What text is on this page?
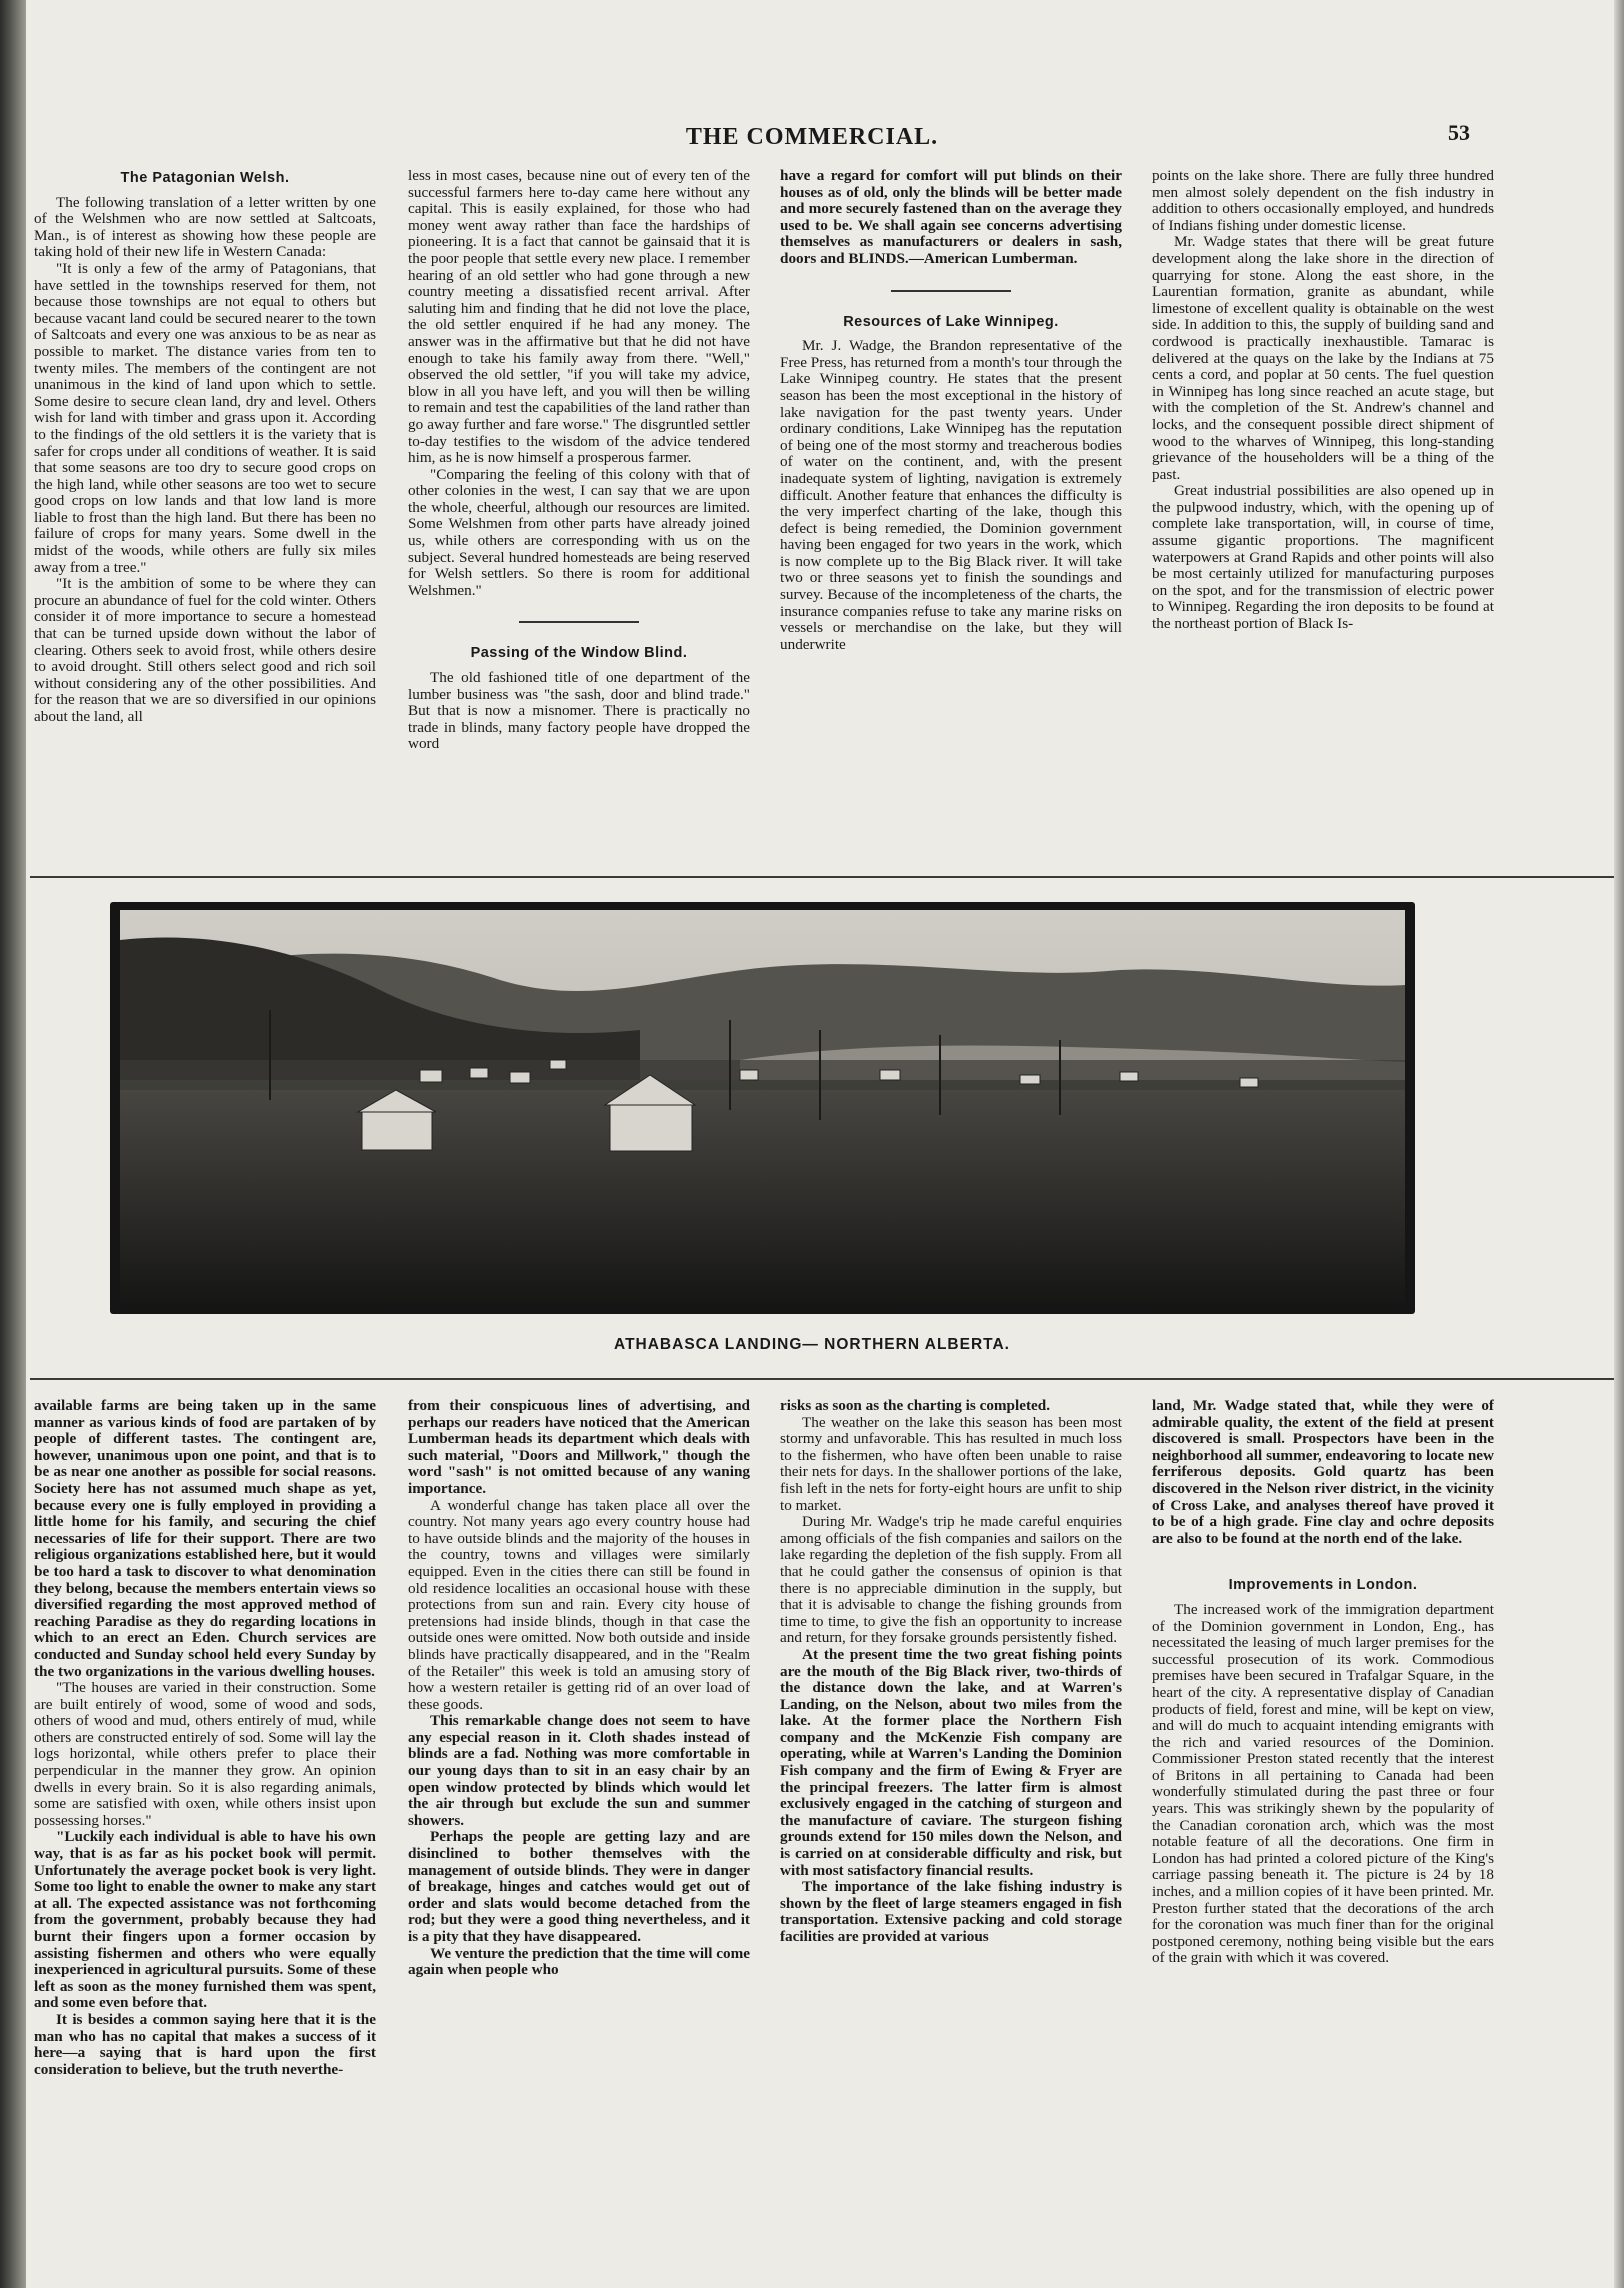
THE COMMERCIAL.	53
The Patagonian Welsh.

The following translation of a letter written by one of the Welshmen who are now settled at Saltcoats, Man., is of interest as showing how these people are taking hold of their new life in Western Canada:

"It is only a few of the army of Patagonians, that have settled in the townships reserved for them, not because those townships are not equal to others but because vacant land could be secured nearer to the town of Saltcoats and every one was anxious to be as near as possible to market. The distance varies from ten to twenty miles. The members of the contingent are not unanimous in the kind of land upon which to settle. Some desire to secure clean land, dry and level. Others wish for land with timber and grass upon it. According to the findings of the old settlers it is the variety that is safer for crops under all conditions of weather. It is said that some seasons are too dry to secure good crops on the high land, while other seasons are too wet to secure good crops on low lands and that low land is more liable to frost than the high land. But there has been no failure of crops for many years. Some dwell in the midst of the woods, while others are fully six miles away from a tree."

"It is the ambition of some to be where they can procure an abundance of fuel for the cold winter. Others consider it of more importance to secure a homestead that can be turned upside down without the labor of clearing. Others seek to avoid frost, while others desire to avoid drought. Still others select good and rich soil without considering any of the other possibilities. And for the reason that we are so diversified in our opinions about the land, all

less in most cases, because nine out of every ten of the successful farmers here to-day came here without any capital. This is easily explained, for those who had money went away rather than face the hardships of pioneering. It is a fact that cannot be gainsaid that it is the poor people that settle every new place. I remember hearing of an old settler who had gone through a new country meeting a dissatisfied recent arrival. After saluting him and finding that he did not love the place, the old settler enquired if he had any money. The answer was in the affirmative but that he did not have enough to take his family away from there. "Well," observed the old settler, "if you will take my advice, blow in all you have left, and you will then be willing to remain and test the capabilities of the land rather than go away further and fare worse." The disgruntled settler to-day testifies to the wisdom of the advice tendered him, as he is now himself a prosperous farmer.

"Comparing the feeling of this colony with that of other colonies in the west, I can say that we are upon the whole, cheerful, although our resources are limited. Some Welshmen from other parts have already joined us, while others are corresponding with us on the subject. Several hundred homesteads are being reserved for Welsh settlers. So there is room for additional Welshmen."

Passing of the Window Blind.

The old fashioned title of one department of the lumber business was "the sash, door and blind trade." But that is now a misnomer. There is practically no trade in blinds, many factory people have dropped the word

have a regard for comfort will put blinds on their houses as of old, only the blinds will be better made and more securely fastened than on the average they used to be. We shall again see concerns advertising themselves as manufacturers or dealers in sash, doors and BLINDS.—American Lumberman.

Resources of Lake Winnipeg.

Mr. J. Wadge, the Brandon representative of the Free Press, has returned from a month's tour through the Lake Winnipeg country. He states that the present season has been the most exceptional in the history of lake navigation for the past twenty years. Under ordinary conditions, Lake Winnipeg has the reputation of being one of the most stormy and treacherous bodies of water on the continent, and, with the present inadequate system of lighting, navigation is extremely difficult. Another feature that enhances the difficulty is the very imperfect charting of the lake, though this defect is being remedied, the Dominion government having been engaged for two years in the work, which is now complete up to the Big Black river. It will take two or three seasons yet to finish the soundings and survey. Because of the incompleteness of the charts, the insurance companies refuse to take any marine risks on vessels or merchandise on the lake, but they will underwrite

points on the lake shore. There are fully three hundred men almost solely dependent on the fish industry in addition to others occasionally employed, and hundreds of Indians fishing under domestic license.

Mr. Wadge states that there will be great future development along the lake shore in the direction of quarrying for stone. Along the east shore, in the Laurentian formation, granite as abundant, while limestone of excellent quality is obtainable on the west side. In addition to this, the supply of building sand and cordwood is practically inexhaustible. Tamarac is delivered at the quays on the lake by the Indians at 75 cents a cord, and poplar at 50 cents. The fuel question in Winnipeg has long since reached an acute stage, but with the completion of the St. Andrew's channel and locks, and the consequent possible direct shipment of wood to the wharves of Winnipeg, this long-standing grievance of the householders will be a thing of the past.

Great industrial possibilities are also opened up in the pulpwood industry, which, with the opening up of complete lake transportation, will, in course of time, assume gigantic proportions. The magnificent waterpowers at Grand Rapids and other points will also be most certainly utilized for manufacturing purposes on the spot, and for the transmission of electric power to Winnipeg. Regarding the iron deposits to be found at the northeast portion of Black Is-

ATHABASCA LANDING— NORTHERN ALBERTA.

available farms are being taken up in the same manner as various kinds of food are partaken of by people of different tastes. The contingent are, however, unanimous upon one point, and that is to be as near one another as possible for social reasons. Society here has not assumed much shape as yet, because every one is fully employed in providing a little home for his family, and securing the chief necessaries of life for their support. There are two religious organizations established here, but it would be too hard a task to discover to what denomination they belong, because the members entertain views so diversified regarding the most approved method of reaching Paradise as they do regarding locations in which to an erect an Eden. Church services are conducted and Sunday school held every Sunday by the two organizations in the various dwelling houses.

"The houses are varied in their construction. Some are built entirely of wood, some of wood and sods, others of wood and mud, others entirely of mud, while others are constructed entirely of sod. Some will lay the logs horizontal, while others prefer to place their perpendicular in the manner they grow. An opinion dwells in every brain. So it is also regarding animals, some are satisfied with oxen, while others insist upon possessing horses."

"Luckily each individual is able to have his own way, that is as far as his pocket book will permit. Unfortunately the average pocket book is very light. Some too light to enable the owner to make any start at all. The expected assistance was not forthcoming from the government, probably because they had burnt their fingers upon a former occasion by assisting fishermen and others who were equally inexperienced in agricultural pursuits. Some of these left as soon as the money furnished them was spent, and some even before that.

It is besides a common saying here that it is the man who has no capital that makes a success of it here—a saying that is hard upon the first consideration to believe, but the truth neverthe-

from their conspicuous lines of advertising, and perhaps our readers have noticed that the American Lumberman heads its department which deals with such material, "Doors and Millwork," though the word "sash" is not omitted because of any waning importance.

A wonderful change has taken place all over the country. Not many years ago every country house had to have outside blinds and the majority of the houses in the country, towns and villages were similarly equipped. Even in the cities there can still be found in old residence localities an occasional house with these protections from sun and rain. Every city house of pretensions had inside blinds, though in that case the outside ones were omitted. Now both outside and inside blinds have practically disappeared, and in the "Realm of the Retailer" this week is told an amusing story of how a western retailer is getting rid of an over load of these goods.

This remarkable change does not seem to have any especial reason in it. Cloth shades instead of blinds are a fad. Nothing was more comfortable in our young days than to sit in an easy chair by an open window protected by blinds which would let the air through but exclude the sun and summer showers.

Perhaps the people are getting lazy and are disinclined to bother themselves with the management of outside blinds. They were in danger of breakage, hinges and catches would get out of order and slats would become detached from the rod; but they were a good thing nevertheless, and it is a pity that they have disappeared.

We venture the prediction that the time will come again when people who

risks as soon as the charting is completed.

The weather on the lake this season has been most stormy and unfavorable. This has resulted in much loss to the fishermen, who have often been unable to raise their nets for days. In the shallower portions of the lake, fish left in the nets for forty-eight hours are unfit to ship to market.

During Mr. Wadge's trip he made careful enquiries among officials of the fish companies and sailors on the lake regarding the depletion of the fish supply. From all that he could gather the consensus of opinion is that there is no appreciable diminution in the supply, but that it is advisable to change the fishing grounds from time to time, to give the fish an opportunity to increase and return, for they forsake grounds persistently fished.

At the present time the two great fishing points are the mouth of the Big Black river, two-thirds of the distance down the lake, and at Warren's Landing, on the Nelson, about two miles from the lake. At the former place the Northern Fish company and the McKenzie Fish company are operating, while at Warren's Landing the Dominion Fish company and the firm of Ewing & Fryer are the principal freezers. The latter firm is almost exclusively engaged in the catching of sturgeon and the manufacture of caviare. The sturgeon fishing grounds extend for 150 miles down the Nelson, and is carried on at considerable difficulty and risk, but with most satisfactory financial results.

The importance of the lake fishing industry is shown by the fleet of large steamers engaged in fish transportation. Extensive packing and cold storage facilities are provided at various

land, Mr. Wadge stated that, while they were of admirable quality, the extent of the field at present discovered is small. Prospectors have been in the neighborhood all summer, endeavoring to locate new ferriferous deposits. Gold quartz has been discovered in the Nelson river district, in the vicinity of Cross Lake, and analyses thereof have proved it to be of a high grade. Fine clay and ochre deposits are also to be found at the north end of the lake.

Improvements in London.

The increased work of the immigration department of the Dominion government in London, Eng., has necessitated the leasing of much larger premises for the successful prosecution of its work. Commodious premises have been secured in Trafalgar Square, in the heart of the city. A representative display of Canadian products of field, forest and mine, will be kept on view, and will do much to acquaint intending emigrants with the rich and varied resources of the Dominion. Commissioner Preston stated recently that the interest of Britons in all pertaining to Canada had been wonderfully stimulated during the past three or four years. This was strikingly shewn by the popularity of the Canadian coronation arch, which was the most notable feature of all the decorations. One firm in London has had printed a colored picture of the King's carriage passing beneath it. The picture is 24 by 18 inches, and a million copies of it have been printed. Mr. Preston further stated that the decorations of the arch for the coronation was much finer than for the original postponed ceremony, nothing being visible but the ears of the grain with which it was covered.
